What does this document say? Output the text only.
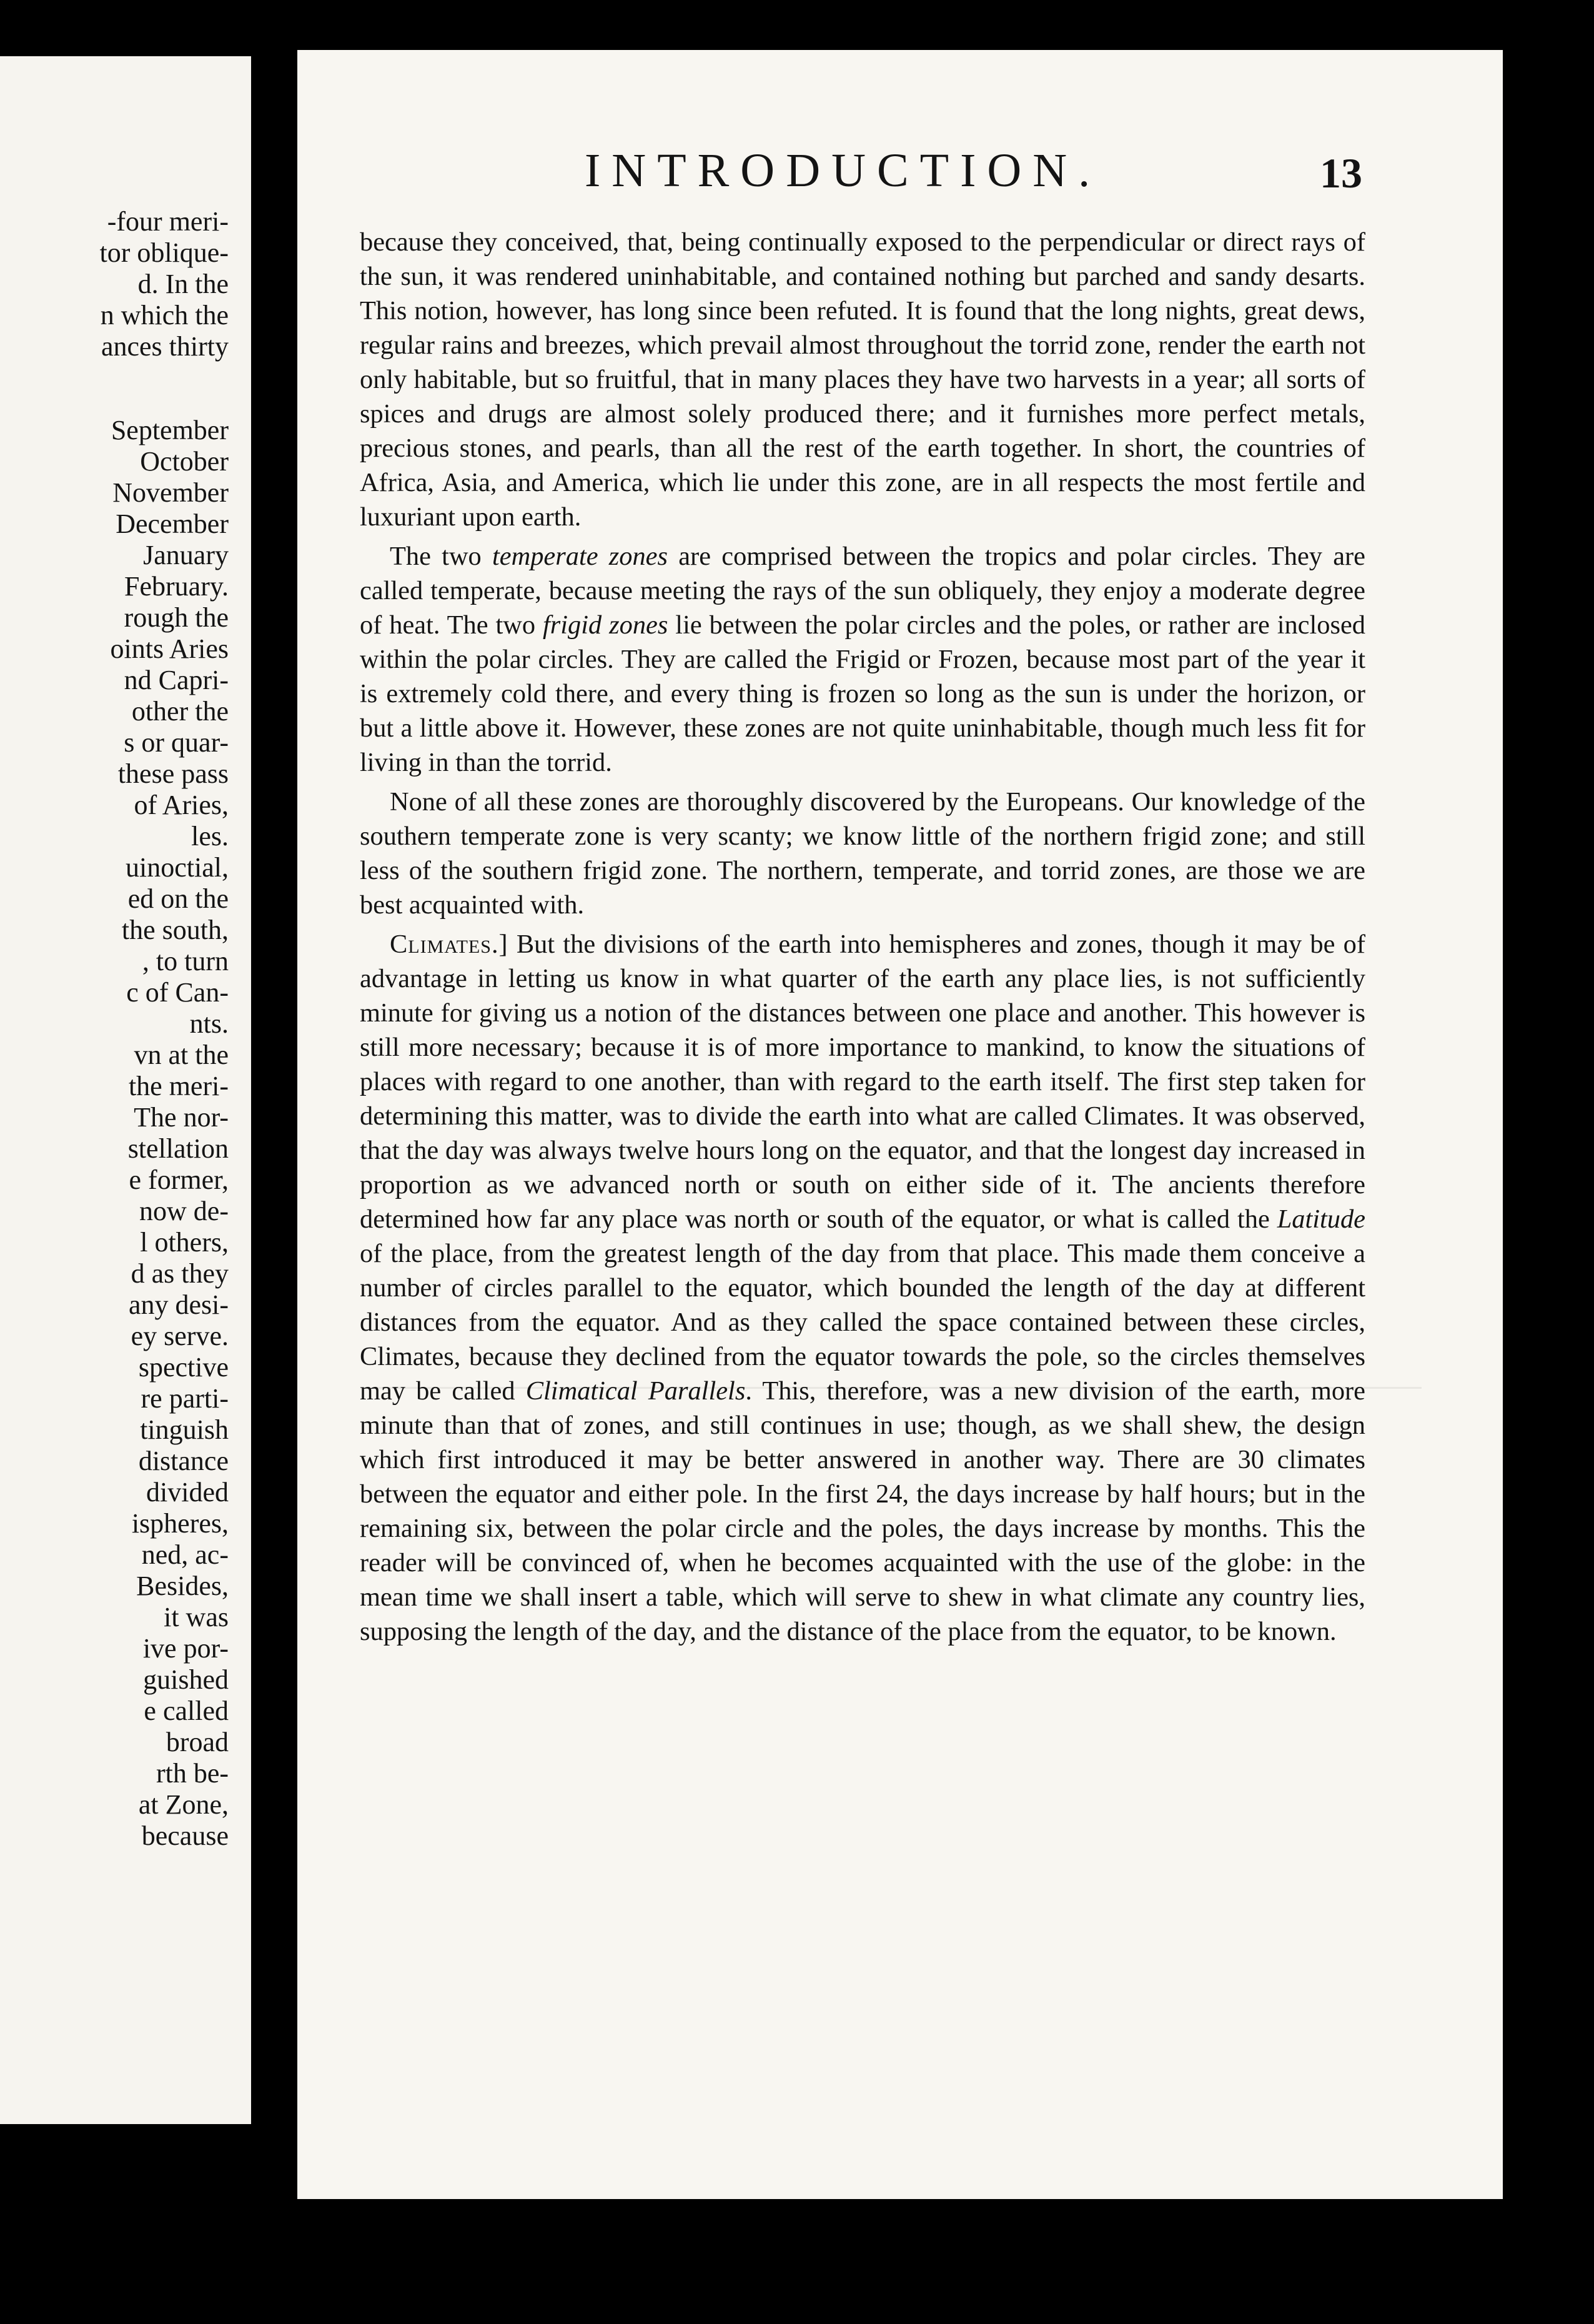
-four meri-
tor oblique-
d. In the
n which the
ances thirty
September
October
November
December
January
February.
rough the
oints Aries
nd Capri-
other the
s or quar-
these pass
of Aries,
les.
uinoctial,
ed on the
the south,
, to turn
c of Can-
nts.
vn at the
the meri-
The nor-
stellation
e former,
now de-
l others,
d as they
any desi-
ey serve.
spective
re parti-
tinguish
distance
divided
ispheres,
ned, ac-
Besides,
it was
ive por-
guished
e called
broad
rth be-
at Zone,
because
INTRODUCTION.	13

because they conceived, that, being continually exposed to the perpendicular or direct rays of the sun, it was rendered uninhabitable, and contained nothing but parched and sandy desarts. This notion, however, has long since been refuted. It is found that the long nights, great dews, regular rains and breezes, which prevail almost throughout the torrid zone, render the earth not only habitable, but so fruitful, that in many places they have two harvests in a year; all sorts of spices and drugs are almost solely produced there; and it furnishes more perfect metals, precious stones, and pearls, than all the rest of the earth together. In short, the countries of Africa, Asia, and America, which lie under this zone, are in all respects the most fertile and luxuriant upon earth.

The two temperate zones are comprised between the tropics and polar circles. They are called temperate, because meeting the rays of the sun obliquely, they enjoy a moderate degree of heat. The two frigid zones lie between the polar circles and the poles, or rather are inclosed within the polar circles. They are called the Frigid or Frozen, because most part of the year it is extremely cold there, and every thing is frozen so long as the sun is under the horizon, or but a little above it. However, these zones are not quite uninhabitable, though much less fit for living in than the torrid.

None of all these zones are thoroughly discovered by the Europeans. Our knowledge of the southern temperate zone is very scanty; we know little of the northern frigid zone; and still less of the southern frigid zone. The northern, temperate, and torrid zones, are those we are best acquainted with.

Climates.] But the divisions of the earth into hemispheres and zones, though it may be of advantage in letting us know in what quarter of the earth any place lies, is not sufficiently minute for giving us a notion of the distances between one place and another. This however is still more necessary; because it is of more importance to mankind, to know the situations of places with regard to one another, than with regard to the earth itself. The first step taken for determining this matter, was to divide the earth into what are called Climates. It was observed, that the day was always twelve hours long on the equator, and that the longest day increased in proportion as we advanced north or south on either side of it. The ancients therefore determined how far any place was north or south of the equator, or what is called the Latitude of the place, from the greatest length of the day from that place. This made them conceive a number of circles parallel to the equator, which bounded the length of the day at different distances from the equator. And as they called the space contained between these circles, Climates, because they declined from the equator towards the pole, so the circles themselves may be called Climatical Parallels. This, therefore, was a new division of the earth, more minute than that of zones, and still continues in use; though, as we shall shew, the design which first introduced it may be better answered in another way. There are 30 climates between the equator and either pole. In the first 24, the days increase by half hours; but in the remaining six, between the polar circle and the poles, the days increase by months. This the reader will be convinced of, when he becomes acquainted with the use of the globe: in the mean time we shall insert a table, which will serve to shew in what climate any country lies, supposing the length of the day, and the distance of the place from the equator, to be known.
